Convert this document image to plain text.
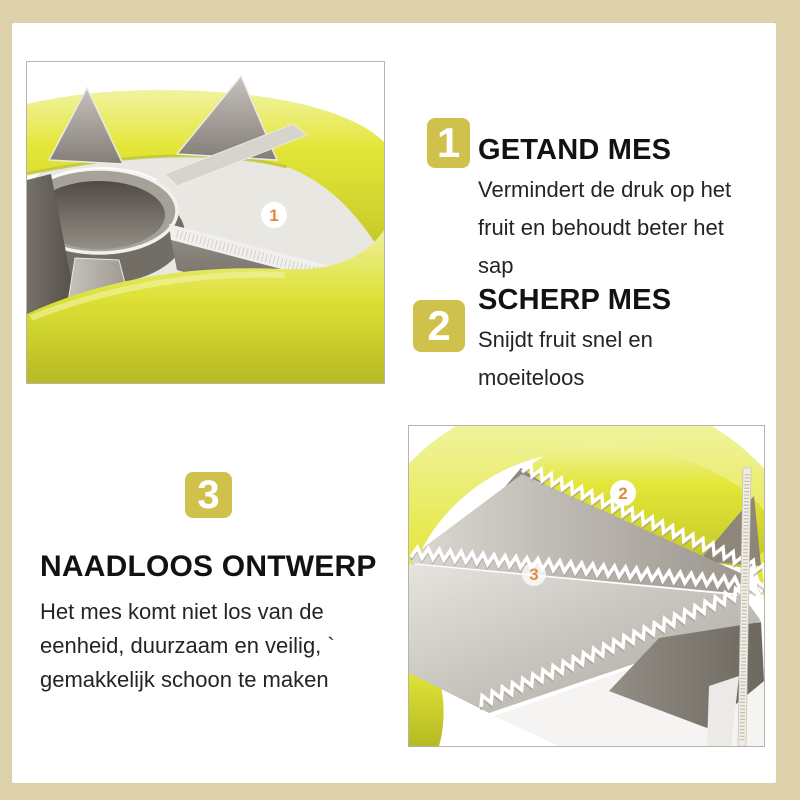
1
1 GETAND MES
Vermindert de druk op het
fruit en behoudt beter het
sap
2
SCHERP MES
Snijdt fruit snel en
moeiteloos
3
NAADLOOS ONTWERP
Het mes komt niet los van de
eenheid, duurzaam en veilig, `
gemakkelijk schoon te maken
2
3
